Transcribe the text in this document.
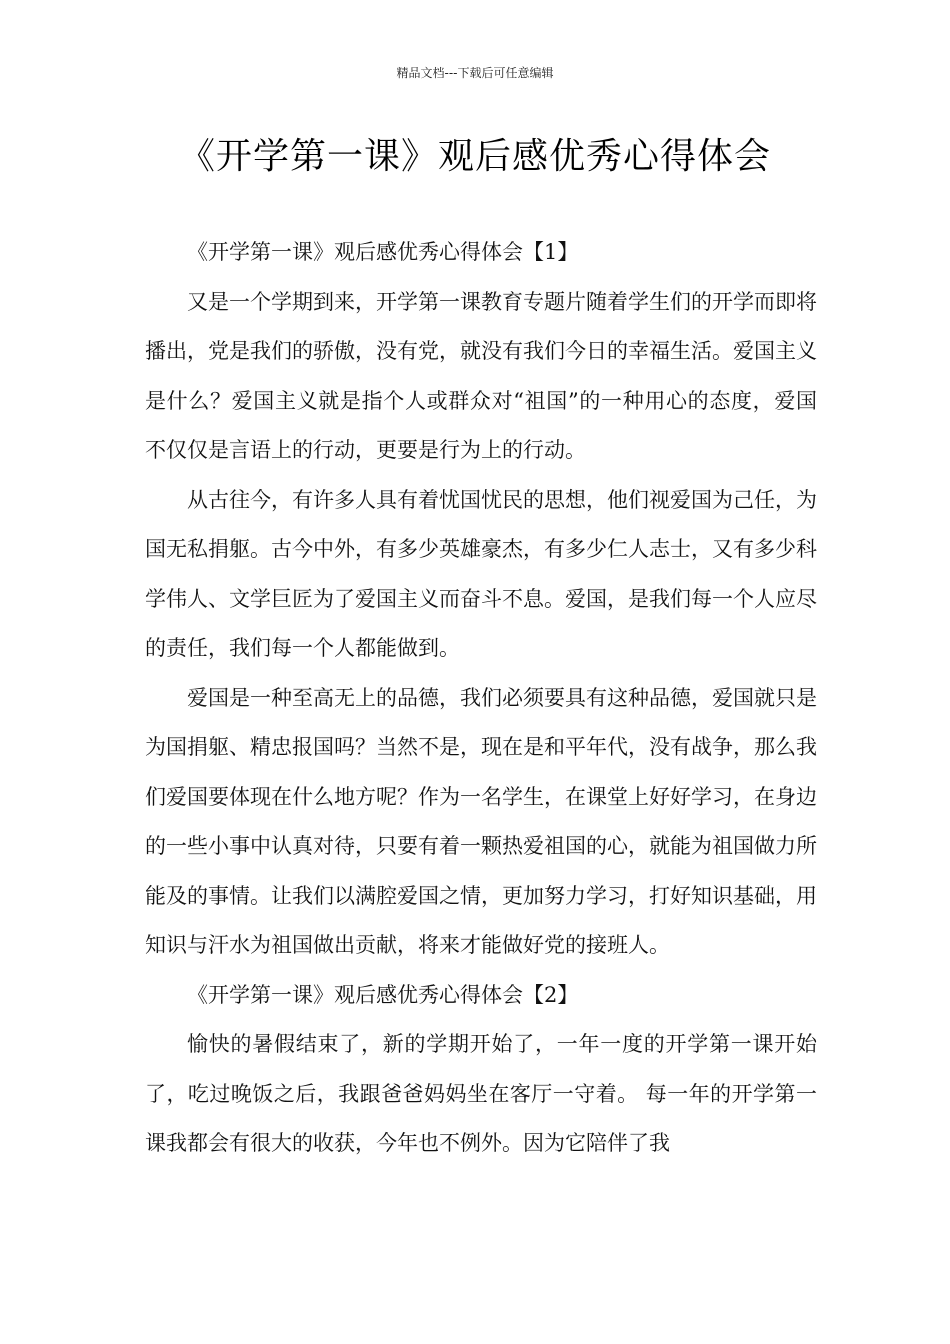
精品文档---下载后可任意编辑
《开学第一课》观后感优秀心得体会
《开学第一课》观后感优秀心得体会【1】

又是一个学期到来，开学第一课教育专题片随着学生们的开学而即将播出，党是我们的骄傲，没有党，就没有我们今日的幸福生活。爱国主义是什么？爱国主义就是指个人或群众对“祖国”的一种用心的态度，爱国不仅仅是言语上的行动，更要是行为上的行动。

从古往今，有许多人具有着忧国忧民的思想，他们视爱国为己任，为国无私捐躯。古今中外，有多少英雄豪杰，有多少仁人志士，又有多少科学伟人、文学巨匠为了爱国主义而奋斗不息。爱国，是我们每一个人应尽的责任，我们每一个人都能做到。

爱国是一种至高无上的品德，我们必须要具有这种品德，爱国就只是为国捐躯、精忠报国吗？当然不是，现在是和平年代，没有战争，那么我们爱国要体现在什么地方呢？作为一名学生，在课堂上好好学习，在身边的一些小事中认真对待，只要有着一颗热爱祖国的心，就能为祖国做力所能及的事情。让我们以满腔爱国之情，更加努力学习，打好知识基础，用知识与汗水为祖国做出贡献，将来才能做好党的接班人。

《开学第一课》观后感优秀心得体会【2】

愉快的暑假结束了，新的学期开始了，一年一度的开学第一课开始了，吃过晚饭之后，我跟爸爸妈妈坐在客厅一守着。 每一年的开学第一课我都会有很大的收获，今年也不例外。因为它陪伴了我
